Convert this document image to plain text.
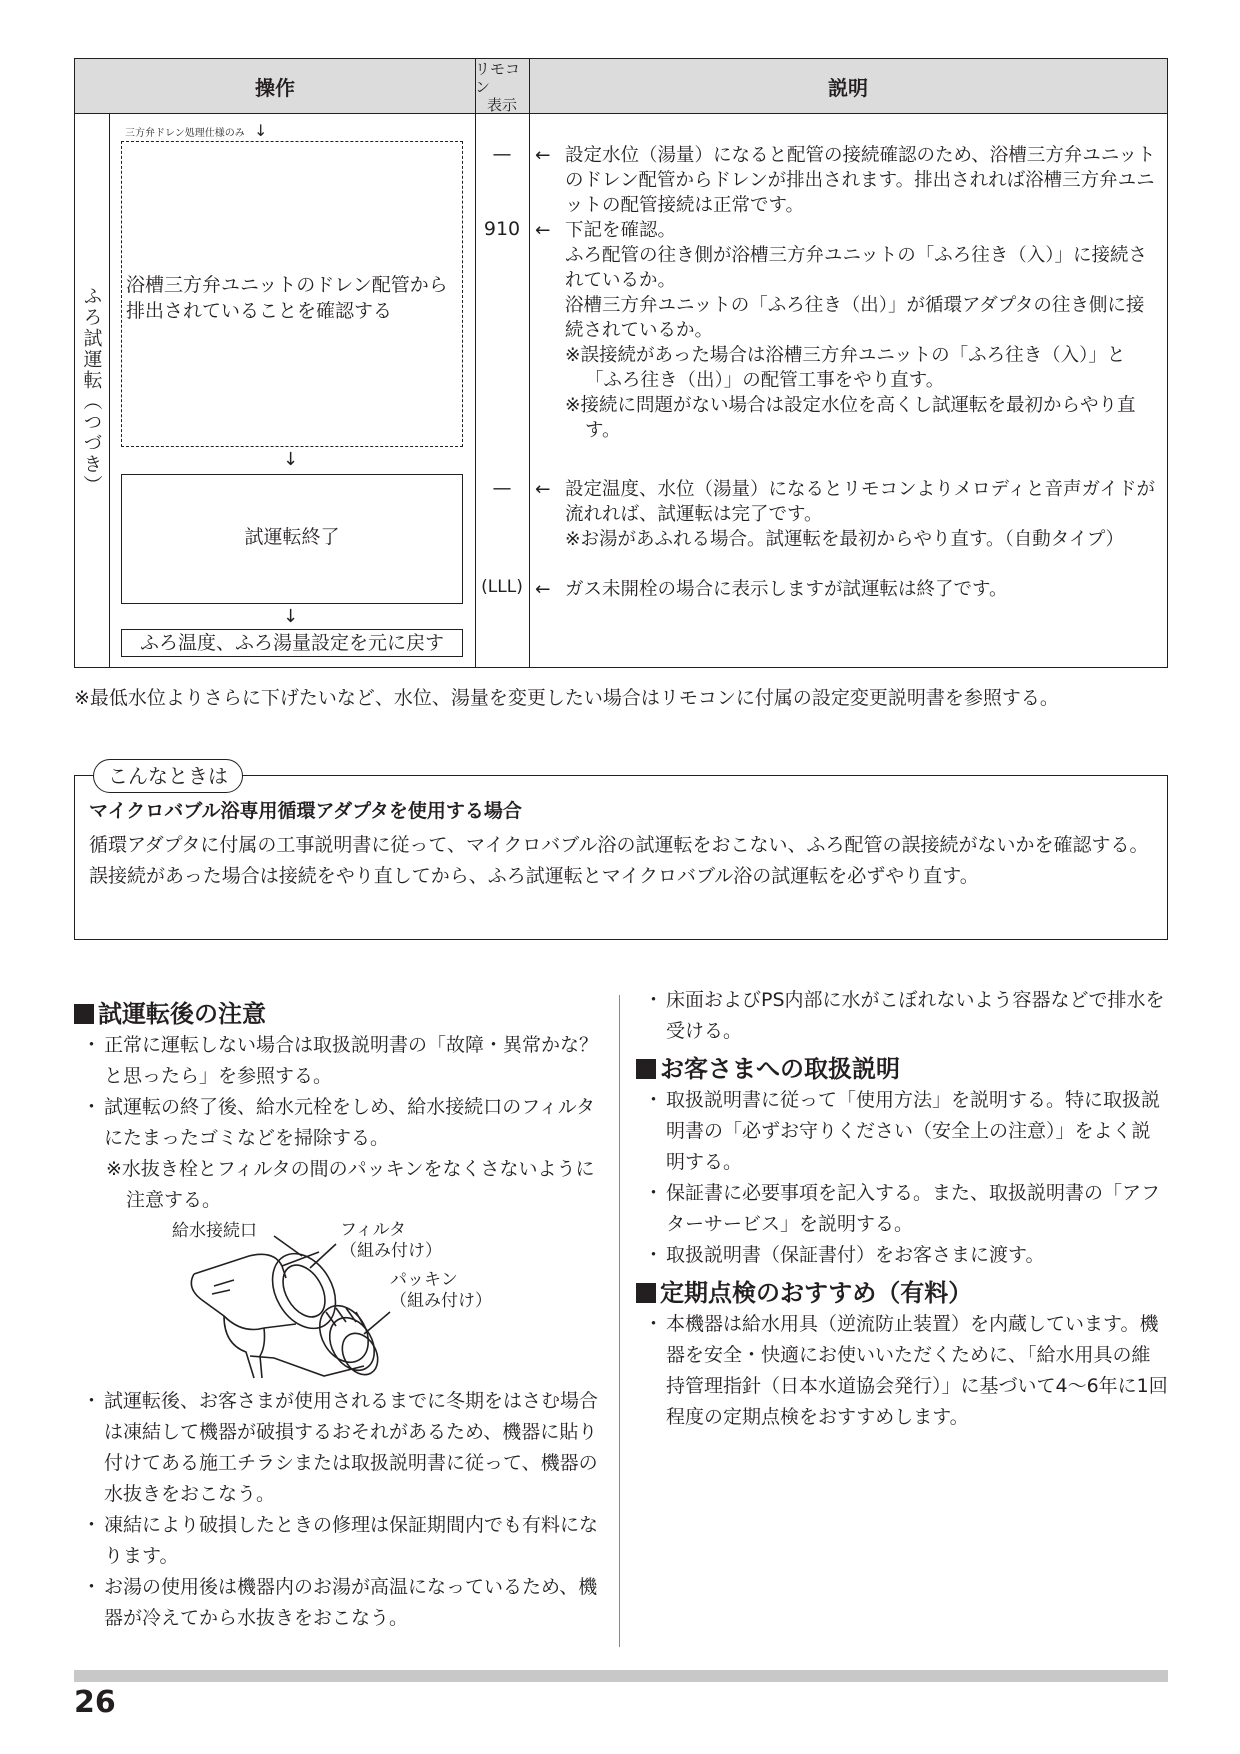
操作
リモコン
表示
説明
ふろ試運転（つづき）
三方弁ドレン処理仕様のみ ↓
浴槽三方弁ユニットのドレン配管から排出されていることを確認する
↓
試運転終了
↓
ふろ温度、ふろ湯量設定を元に戻す
—
910
—
(LLL)
← 設定水位（湯量）になると配管の接続確認のため、浴槽三方弁ユニットのドレン配管からドレンが排出されます。排出されれば浴槽三方弁ユニットの配管接続は正常です。
← 下記を確認。
ふろ配管の往き側が浴槽三方弁ユニットの「ふろ往き（入）」に接続されているか。
浴槽三方弁ユニットの「ふろ往き（出）」が循環アダプタの往き側に接続されているか。
※誤接続があった場合は浴槽三方弁ユニットの「ふろ往き（入）」と「ふろ往き（出）」の配管工事をやり直す。
※接続に問題がない場合は設定水位を高くし試運転を最初からやり直す。
← 設定温度、水位（湯量）になるとリモコンよりメロディと音声ガイドが流れれば、試運転は完了です。
※お湯があふれる場合。試運転を最初からやり直す。（自動タイプ）
← ガス未開栓の場合に表示しますが試運転は終了です。
※最低水位よりさらに下げたいなど、水位、湯量を変更したい場合はリモコンに付属の設定変更説明書を参照する。
こんなときは
マイクロバブル浴専用循環アダプタを使用する場合
循環アダプタに付属の工事説明書に従って、マイクロバブル浴の試運転をおこない、ふろ配管の誤接続がないかを確認する。
誤接続があった場合は接続をやり直してから、ふろ試運転とマイクロバブル浴の試運転を必ずやり直す。
試運転後の注意
・ 正常に運転しない場合は取扱説明書の「故障・異常かな？と思ったら」を参照する。
・ 試運転の終了後、給水元栓をしめ、給水接続口のフィルタにたまったゴミなどを掃除する。
※水抜き栓とフィルタの間のパッキンをなくさないように注意する。
給水接続口	フィルタ
（組み付け）
パッキン
（組み付け）
・ 試運転後、お客さまが使用されるまでに冬期をはさむ場合は凍結して機器が破損するおそれがあるため、機器に貼り付けてある施工チラシまたは取扱説明書に従って、機器の水抜きをおこなう。
・ 凍結により破損したときの修理は保証期間内でも有料になります。
・ お湯の使用後は機器内のお湯が高温になっているため、機器が冷えてから水抜きをおこなう。
・ 床面およびPS内部に水がこぼれないよう容器などで排水を受ける。
お客さまへの取扱説明
・ 取扱説明書に従って「使用方法」を説明する。特に取扱説明書の「必ずお守りください（安全上の注意）」をよく説明する。
・ 保証書に必要事項を記入する。また、取扱説明書の「アフターサービス」を説明する。
・ 取扱説明書（保証書付）をお客さまに渡す。
定期点検のおすすめ（有料）
・ 本機器は給水用具（逆流防止装置）を内蔵しています。機器を安全・快適にお使いいただくために、「給水用具の維持管理指針（日本水道協会発行）」に基づいて4～6年に1回程度の定期点検をおすすめします。
26
